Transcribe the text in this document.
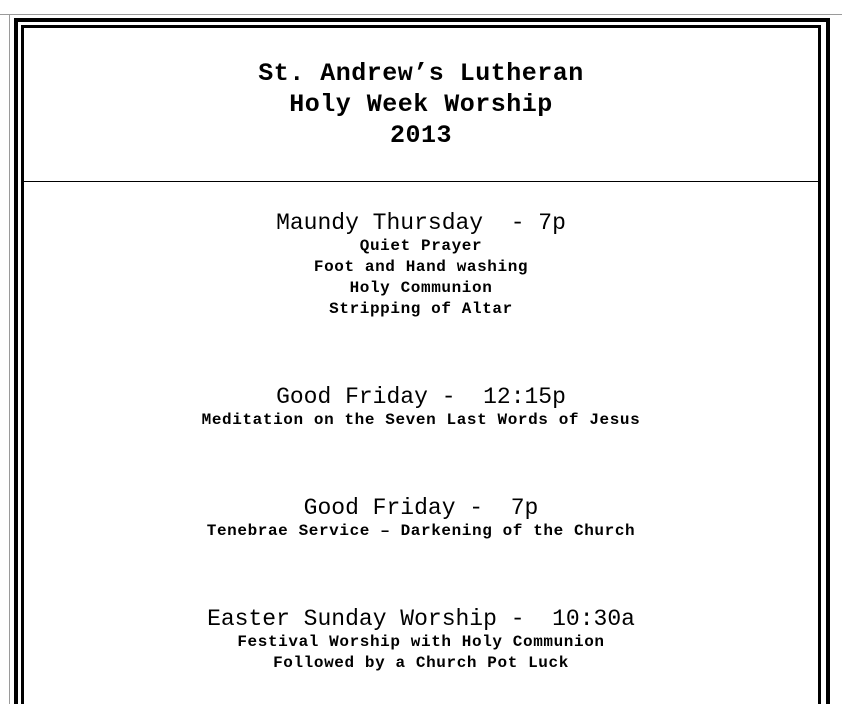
St. Andrew’s Lutheran
Holy Week Worship
2013
Maundy Thursday  - 7p
Quiet Prayer
Foot and Hand washing
Holy Communion
Stripping of Altar
Good Friday -  12:15p
Meditation on the Seven Last Words of Jesus
Good Friday -  7p
Tenebrae Service – Darkening of the Church
Easter Sunday Worship -  10:30a
Festival Worship with Holy Communion
Followed by a Church Pot Luck
